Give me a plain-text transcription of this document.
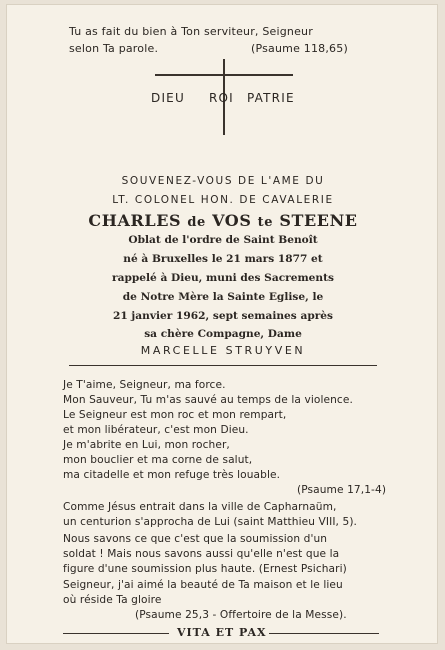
Tu as fait du bien à Ton serviteur, Seigneur
selon Ta parole.	(Psaume 118,65)
DIEU ROI PATRIE
SOUVENEZ-VOUS DE L'AME DU
LT. COLONEL HON. DE CAVALERIE
CHARLES de VOS te STEENE
Oblat de l'ordre de Saint Benoît
né à Bruxelles le 21 mars 1877 et
rappelé à Dieu, muni des Sacrements
de Notre Mère la Sainte Eglise, le
21 janvier 1962, sept semaines après
sa chère Compagne, Dame
MARCELLE STRUYVEN
Je T'aime, Seigneur, ma force.
Mon Sauveur, Tu m'as sauvé au temps de la violence.
Le Seigneur est mon roc et mon rempart,
et mon libérateur, c'est mon Dieu.
Je m'abrite en Lui, mon rocher,
mon bouclier et ma corne de salut,
ma citadelle et mon refuge très louable.
(Psaume 17,1-4)
Comme Jésus entrait dans la ville de Capharnaüm,
un centurion s'approcha de Lui (saint Matthieu VIII, 5).
Nous savons ce que c'est que la soumission d'un
soldat ! Mais nous savons aussi qu'elle n'est que la
figure d'une soumission plus haute. (Ernest Psichari)
Seigneur, j'ai aimé la beauté de Ta maison et le lieu
où réside Ta gloire
(Psaume 25,3 - Offertoire de la Messe).
VITA ET PAX
